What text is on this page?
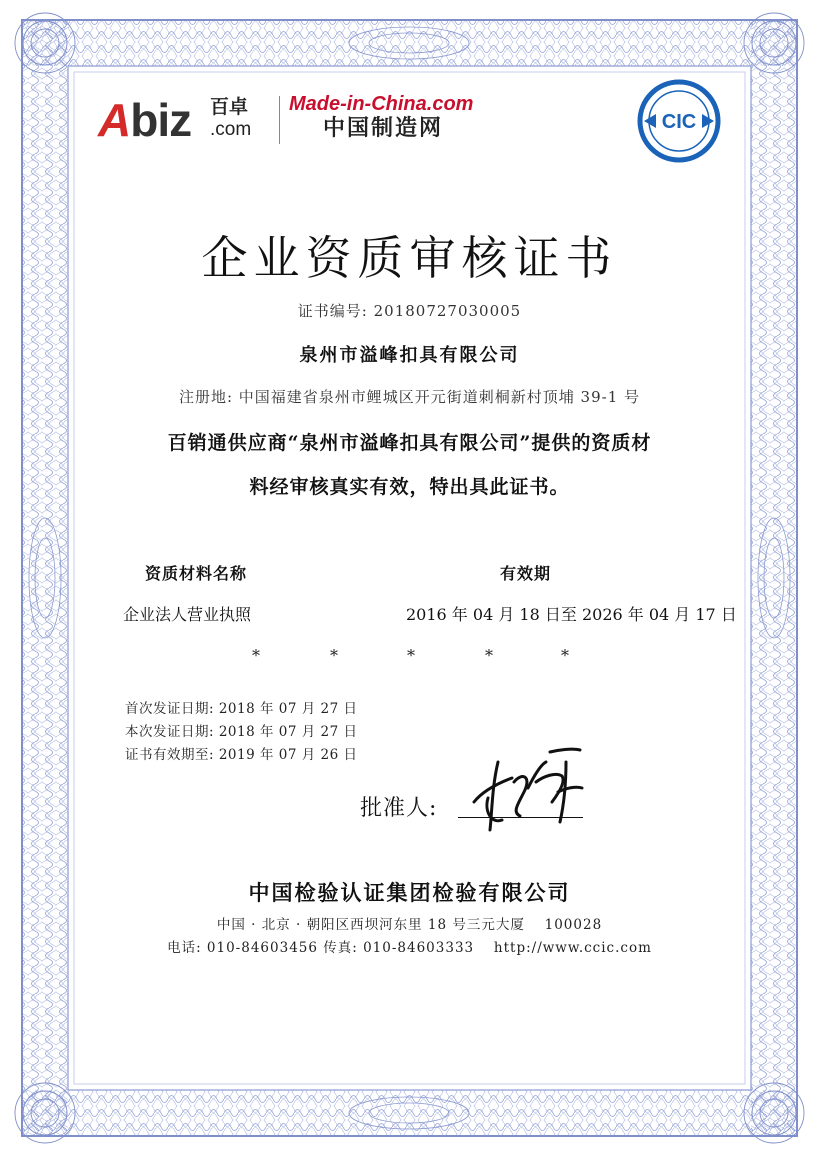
Abiz 百卓
.com
Made-in-China.com
中国制造网	CIC
企业资质审核证书
证书编号: 20180727030005
泉州市溢峰扣具有限公司
注册地: 中国福建省泉州市鲤城区开元街道刺桐新村顶埔 39-1 号
百销通供应商“泉州市溢峰扣具有限公司”提供的资质材
料经审核真实有效，特出具此证书。
资质材料名称	有效期
企业法人营业执照	2016 年 04 月 18 日至 2026 年 04 月 17 日
*	*	*	*	*
首次发证日期: 2018 年 07 月 27 日
本次发证日期: 2018 年 07 月 27 日
证书有效期至: 2019 年 07 月 26 日
批准人:
中国检验认证集团检验有限公司
中国 · 北京 · 朝阳区西坝河东里 18 号三元大厦　 100028
电话: 010-84603456 传真: 010-84603333　 http://www.ccic.com
